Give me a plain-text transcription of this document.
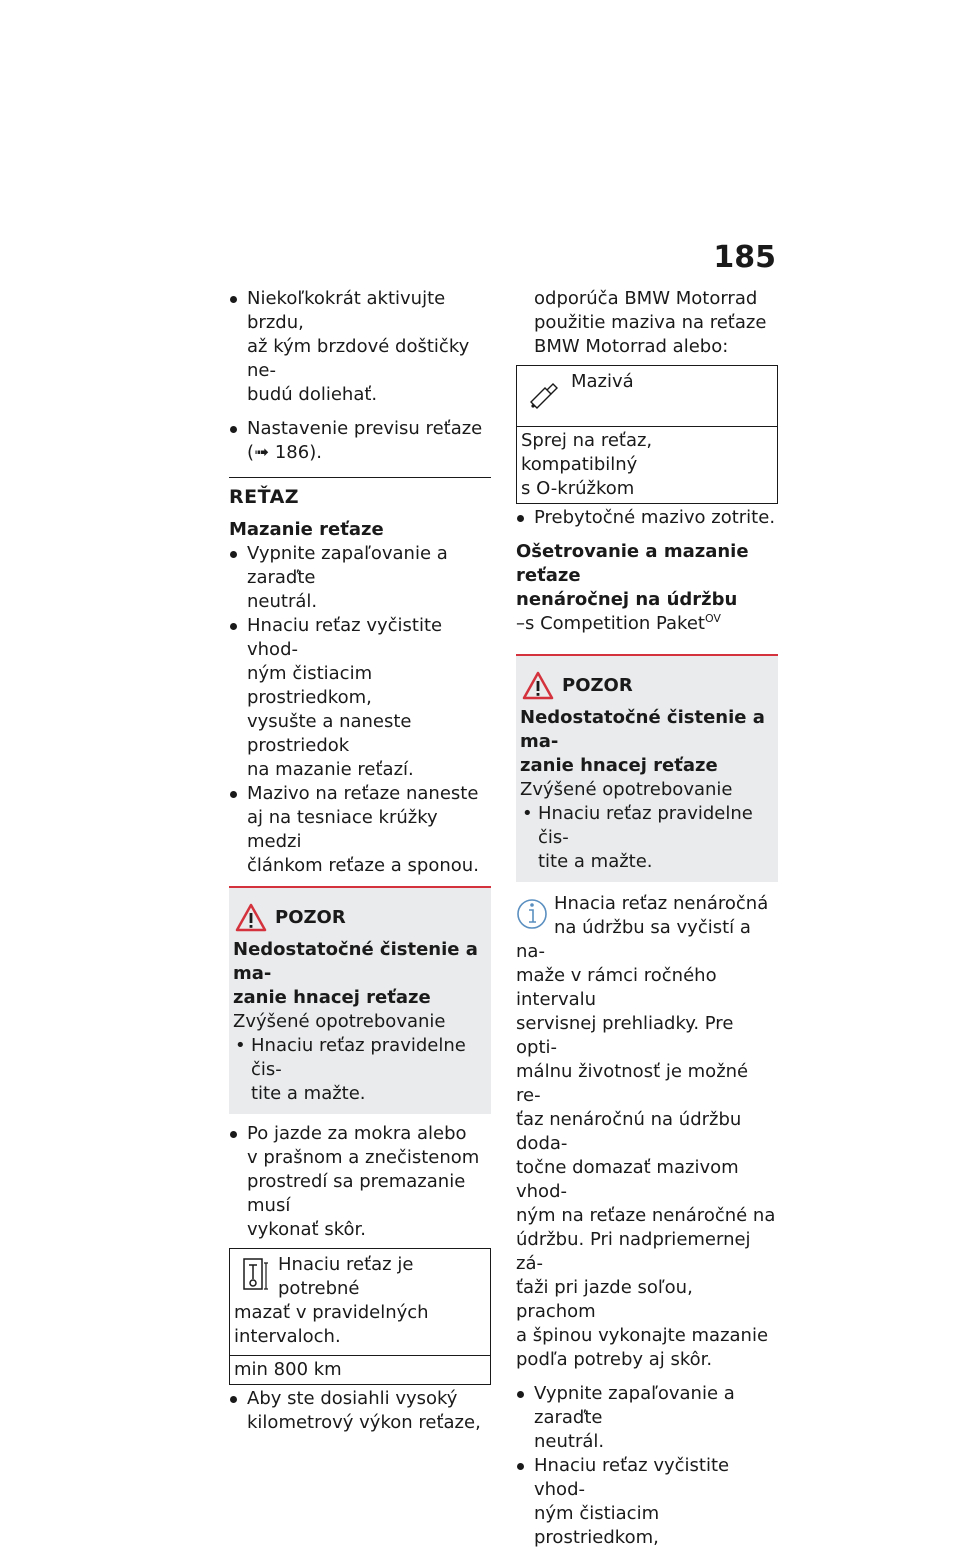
185
Niekoľkokrát aktivujte brzdu,
až kým brzdové doštičky ne-
budú doliehať.
Nastavenie previsu reťaze
(➟ 186).
REŤAZ
Mazanie reťaze
Vypnite zapaľovanie a zaraďte
neutrál.
Hnaciu reťaz vyčistite vhod-
ným čistiacim prostriedkom,
vysušte a naneste prostriedok
na mazanie reťazí.
Mazivo na reťaze naneste
aj na tesniace krúžky medzi
článkom reťaze a sponou.
POZOR
Nedostatočné čistenie a ma-
zanie hnacej reťaze
Zvýšené opotrebovanie
• Hnaciu reťaz pravidelne čis-
tite a mažte.
Po jazde za mokra alebo
v prašnom a znečistenom
prostredí sa premazanie musí
vykonať skôr.
Hnaciu reťaz je potrebné
mazať v pravidelných
intervaloch.
min 800 km
Aby ste dosiahli vysoký
kilometrový výkon reťaze,
odporúča BMW Motorrad
použitie maziva na reťaze
BMW Motorrad alebo:
Mazivá
Sprej na reťaz, kompatibilný
s O-krúžkom
Prebytočné mazivo zotrite.
Ošetrovanie a mazanie reťaze
nenáročnej na údržbu
–s Competition Paket$^{OV}$
POZOR
Nedostatočné čistenie a ma-
zanie hnacej reťaze
Zvýšené opotrebovanie
• Hnaciu reťaz pravidelne čis-
tite a mažte.
Hnacia reťaz nenáročná
na údržbu sa vyčistí a na-
maže v rámci ročného intervalu
servisnej prehliadky. Pre opti-
málnu životnosť je možné re-
ťaz nenáročnú na údržbu doda-
točne domazať mazivom vhod-
ným na reťaze nenáročné na
údržbu. Pri nadpriemernej zá-
ťaži pri jazde soľou, prachom
a špinou vykonajte mazanie
podľa potreby aj skôr.
Vypnite zapaľovanie a zaraďte
neutrál.
Hnaciu reťaz vyčistite vhod-
ným čistiacim prostriedkom,
